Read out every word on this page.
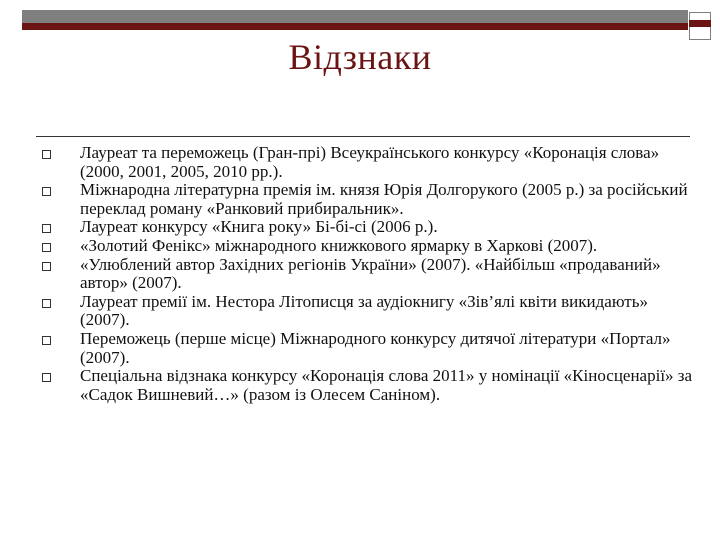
Відзнаки
Лауреат та переможець (Гран-прі) Всеукраїнського конкурсу «Коронація слова» (2000, 2001, 2005, 2010 рр.).
Міжнародна літературна премія ім. князя Юрія Долгорукого (2005 р.) за російський переклад роману «Ранковий прибиральник».
Лауреат конкурсу «Книга року» Бі-бі-сі (2006 р.).
«Золотий Фенікс» міжнародного книжкового ярмарку в Харкові (2007).
«Улюблений автор Західних регіонів України» (2007). «Найбільш «продаваний» автор» (2007).
Лауреат премії ім. Нестора Літописця за аудіокнигу «Зів’ялі квіти викидають» (2007).
Переможець (перше місце) Міжнародного конкурсу дитячої літератури «Портал» (2007).
Спеціальна відзнака конкурсу «Коронація слова 2011» у номінації «Кіносценарії» за «Садок Вишневий…» (разом із Олесем Саніном).
